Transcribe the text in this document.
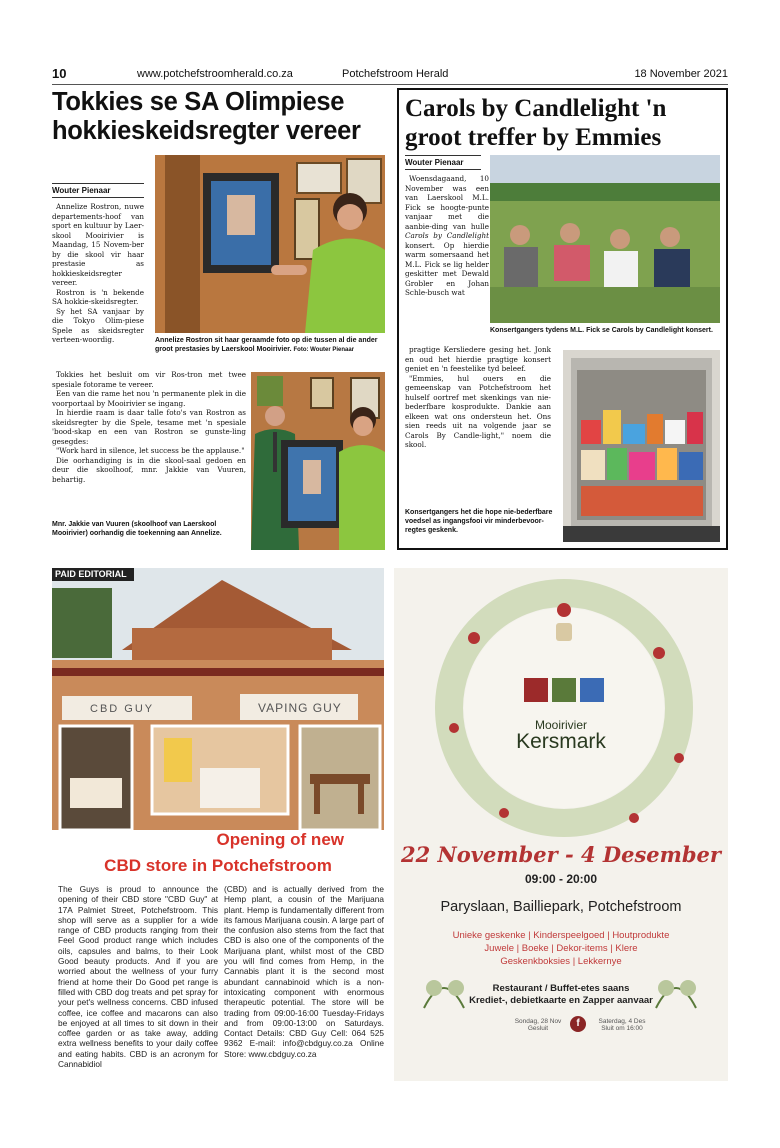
10	www.potchefstroomherald.co.za	Potchefstroom Herald	18 November 2021
Tokkies se SA Olimpiese hokkieskeidsregter vereer
Wouter Pienaar

Annelize Rostron, nuwe departements-hoof van sport en kultuur by Laer-skool Mooirivier is Maandag, 15 Novem-ber by die skool vir haar prestasie as hokkieskeidsregter vereer.

Rostron is 'n bekende SA hokkie-skeidsregter.

Sy het SA vanjaar by die Tokyo Olim-piese Spele as skeidsregter verteen-woordig.

Tokkies het besluit om vir Ros-tron met twee spesiale fotorame te vereer.

Een van die rame het nou 'n permanente plek in die voorportaal by Mooirivier se ingang.

In hierdie raam is daar talle foto's van Rostron as skeidsregter by die Spele, tesame met 'n spesiale 'bood-skap en een van Rostron se gunste-ling gesegdes:

"Work hard in silence, let success be the applause."

Die oorhandiging is in die skool-saal gedoen en deur die skoolhoof, mnr. Jakkie van Vuuren, behartig.

Annelize Rostron sit haar geraamde foto op die tussen al die ander groot prestasies by Laerskool Mooirivier. Foto: Wouter Pienaar
Mnr. Jakkie van Vuuren (skoolhoof van Laerskool Mooirivier) oorhandig die toekenning aan Annelize.
Carols by Candlelight 'n groot treffer by Emmies
Wouter Pienaar

Woensdagaand, 10 November was een van Laerskool M.L. Fick se hoogte-punte vanjaar met die aanbie-ding van hulle Carols by Candlelight konsert. Op hierdie warm somersaand het M.L. Fick se lig helder geskitter met Dewald Grobler en Johan Schle-busch wat

pragtige Kersliedere gesing het. Jonk en oud het hierdie pragtige konsert geniet en 'n feestelike tyd beleef.

"Emmies, hul ouers en die gemeenskap van Potchefstroom het hulself oortref met skenkings van nie-bederfbare kosprodukte. Dankie aan elkeen wat ons ondersteun het. Ons sien reeds uit na volgende jaar se Carols By Candle-light," noem die skool.

Konsertgangers tydens M.L. Fick se Carols by Candlelight konsert.
Konsertgangers het die hope nie-bederfbare voedsel as ingangsfooi vir minderbevoor-regtes geskenk.
PAID EDITORIAL
CBD GUY	VAPING GUY
Opening of new
CBD store in Potchefstroom
The Guys is proud to announce the opening of their CBD store "CBD Guy" at 17A Palmiet Street, Potchefstroom. This shop will serve as a supplier for a wide range of CBD products ranging from their Feel Good product range which includes oils, capsules and balms, to their Look Good beauty products. And if you are worried about the wellness of your furry friend at home their Do Good pet range is filled with CBD dog treats and pet spray for your pet's wellness concerns. CBD infused coffee, ice coffee and macarons can also be enjoyed at all times to sit down in their coffee garden or as take away, adding extra wellness benefits to your daily coffee and eating habits. CBD is an acronym for Cannabidiol
(CBD) and is actually derived from the Hemp plant, a cousin of the Marijuana plant. Hemp is fundamentally different from its famous Marijuana cousin. A large part of the confusion also stems from the fact that CBD is also one of the components of the Marijuana plant, whilst most of the CBD you will find comes from Hemp, in the Cannabis plant it is the second most abundant cannabinoid which is a non-intoxicating component with enormous therapeutic potential. The store will be trading from 09:00-16:00 Tuesday-Fridays and from 09:00-13:00 on Saturdays. Contact Details: CBD Guy Cell: 064 525 9362 E-mail: info@cbdguy.co.za Online Store: www.cbdguy.co.za
Mooirivier
Kersmark
22 November - 4 Desember
09:00 - 20:00
Paryslaan, Bailliepark, Potchefstroom
Unieke geskenke | Kinderspeelgoed | Houtprodukte
Juwele | Boeke | Dekor-items | Klere
Geskenkboksies | Lekkernye
Restaurant / Buffet-etes saans
Krediet-, debietkaarte en Zapper aanvaar
Sondag, 28 Nov
Gesluit	f	Saterdag, 4 Des
Sluit om 16:00
